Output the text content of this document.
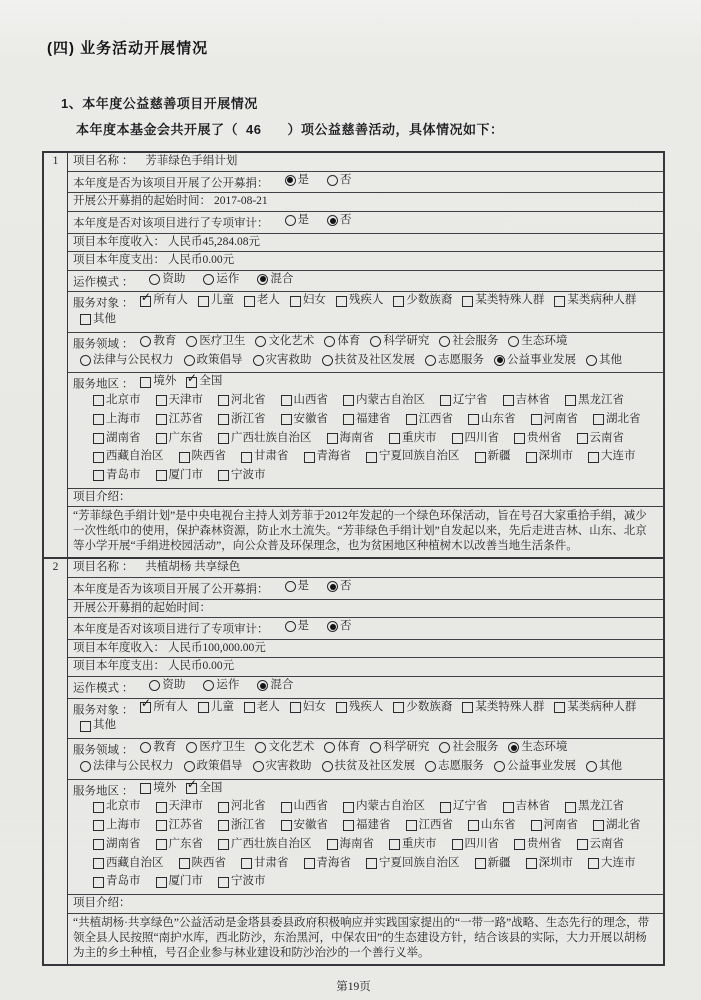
(四) 业务活动开展情况
1、本年度公益慈善项目开展情况
本年度本基金会共开展了（ 46 ）项公益慈善活动，具体情况如下：
1	项目名称 ： 芳菲绿色手绢计划
本年度是否为该项目开展了公开募捐：	是	否
开展公开募捐的起始时间： 2017-08-21
本年度是否对该项目进行了专项审计：	是	否
项目本年度收入： 人民币45,284.08元
项目本年度支出： 人民币0.00元
运作模式 ：	资助	运作	混合
服务对象 ： ✓ 所有人 儿童 老人 妇女 残疾人 少数族裔 某类特殊人群 某类病种人群
其他
服务领域 ： 教育 医疗卫生 文化艺术 体育 科学研究 社会服务 生态环境
法律与公民权力 政策倡导 灾害救助 扶贫及社区发展 志愿服务 公益事业发展 其他
服务地区 ： 境外 ✓ 全国
北京市 天津市 河北省 山西省 内蒙古自治区 辽宁省 吉林省 黑龙江省
上海市 江苏省 浙江省 安徽省 福建省 江西省 山东省 河南省 湖北省
湖南省 广东省 广西壮族自治区 海南省 重庆市 四川省 贵州省 云南省
西藏自治区 陕西省 甘肃省 青海省 宁夏回族自治区 新疆 深圳市 大连市
青岛市 厦门市 宁波市
项目介绍：
“芳菲绿色手绢计划”是中央电视台主持人刘芳菲于2012年发起的一个绿色环保活动，旨在号召大家重拾手绢，减少一次性纸巾的使用，保护森林资源，防止水土流失。“芳菲绿色手绢计划”自发起以来，先后走进吉林、山东、北京等小学开展“手绢进校园活动”，向公众普及环保理念，也为贫困地区种植树木以改善当地生活条件。
2	项目名称 ： 共植胡杨 共享绿色
本年度是否为该项目开展了公开募捐：	是	否
开展公开募捐的起始时间：
本年度是否对该项目进行了专项审计：	是	否
项目本年度收入： 人民币100,000.00元
项目本年度支出： 人民币0.00元
运作模式 ：	资助	运作	混合
服务对象 ： ✓ 所有人 儿童 老人 妇女 残疾人 少数族裔 某类特殊人群 某类病种人群
其他
服务领域 ： 教育 医疗卫生 文化艺术 体育 科学研究 社会服务 生态环境
法律与公民权力 政策倡导 灾害救助 扶贫及社区发展 志愿服务 公益事业发展 其他
服务地区 ： 境外 ✓ 全国
北京市 天津市 河北省 山西省 内蒙古自治区 辽宁省 吉林省 黑龙江省
上海市 江苏省 浙江省 安徽省 福建省 江西省 山东省 河南省 湖北省
湖南省 广东省 广西壮族自治区 海南省 重庆市 四川省 贵州省 云南省
西藏自治区 陕西省 甘肃省 青海省 宁夏回族自治区 新疆 深圳市 大连市
青岛市 厦门市 宁波市
项目介绍：
“共植胡杨·共享绿色”公益活动是金塔县委县政府积极响应并实践国家提出的“一带一路”战略、生态先行的理念，带领全县人民按照“南护水库，西北防沙，东治黑河，中保农田”的生态建设方针，结合该县的实际，大力开展以胡杨为主的乡土种植，号召企业参与林业建设和防沙治沙的一个善行义举。
第19页
